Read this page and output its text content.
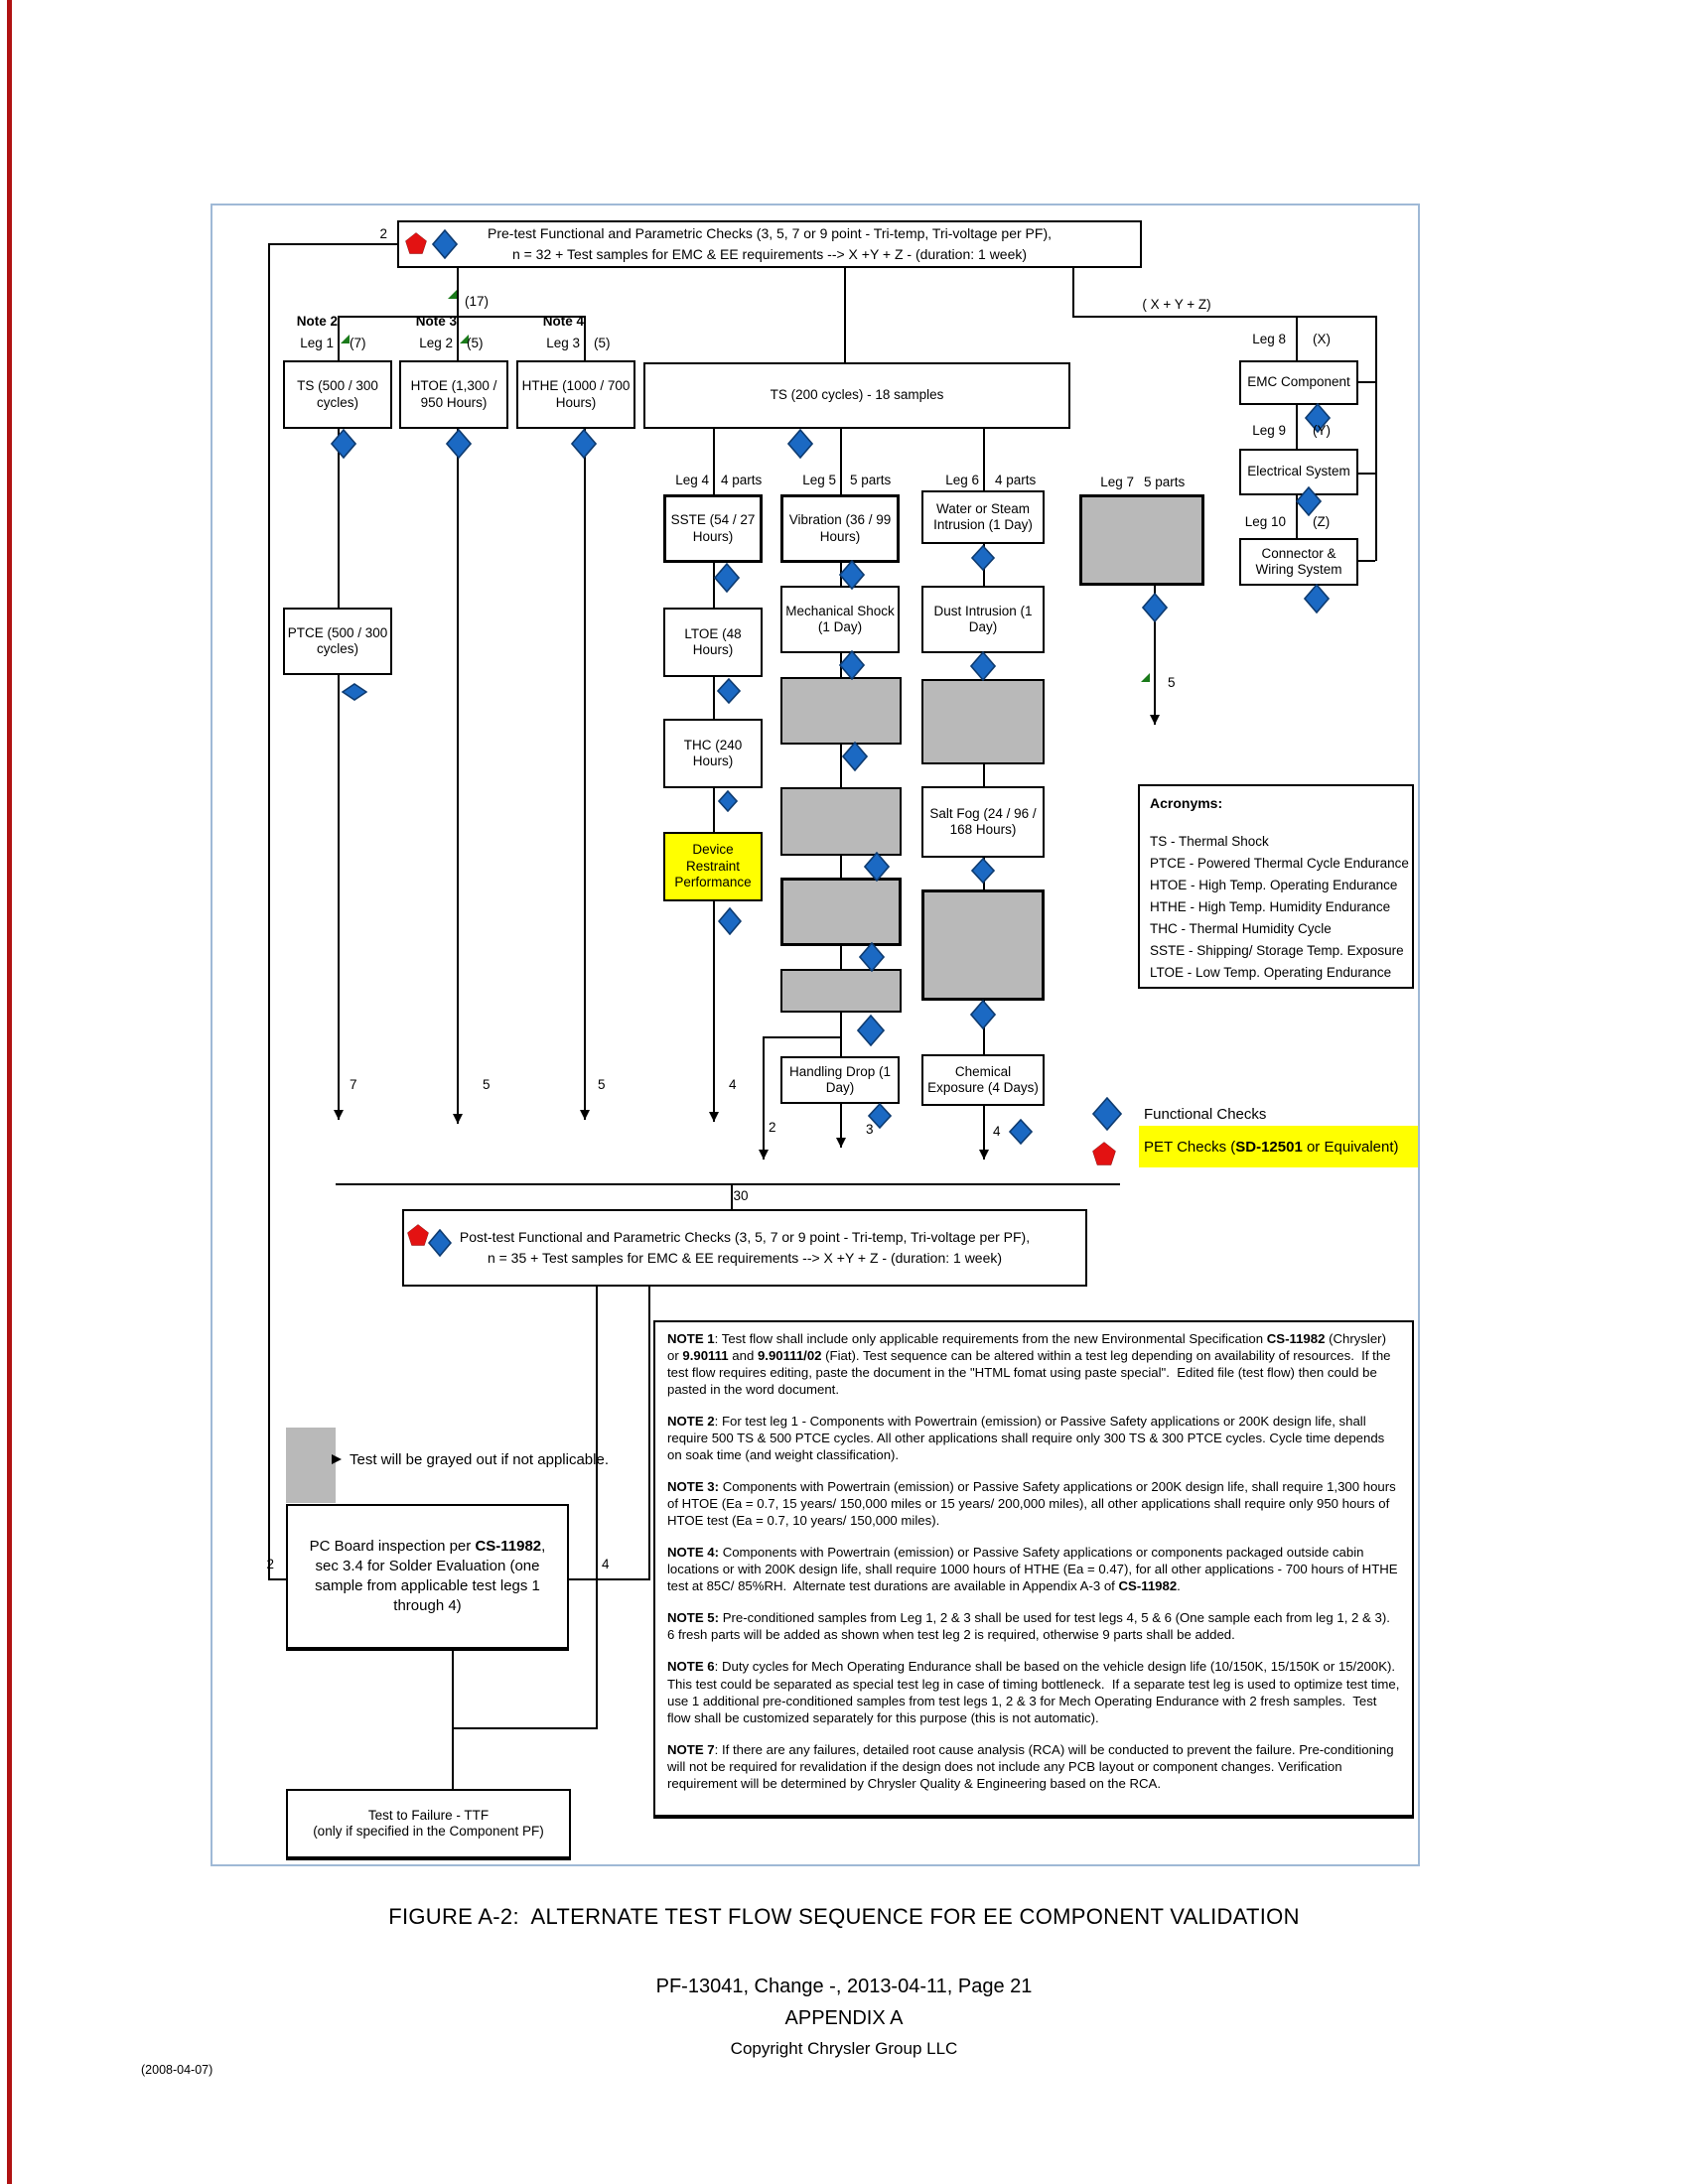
Pre-test Functional and Parametric Checks (3, 5, 7 or 9 point - Tri-temp, Tri-voltage per PF),
n = 32 + Test samples for EMC & EE requirements --> X +Y + Z - (duration: 1 week)
TS (500 / 300 cycles)
HTOE (1,300 / 950 Hours)
HTHE (1000 / 700 Hours)	TS (200 cycles) - 18 samples
PTCE (500 / 300 cycles)
SSTE (54 / 27 Hours)
LTOE (48 Hours)
THC (240 Hours)
Device Restraint Performance
Vibration (36 / 99 Hours)
Mechanical Shock (1 Day)
Handling Drop (1 Day)
Water or Steam Intrusion (1 Day)
Dust Intrusion (1 Day)
Salt Fog (24 / 96 / 168 Hours)
Chemical Exposure (4 Days)
EMC Component
Electrical System
Connector & Wiring System
Post-test Functional and Parametric Checks (3, 5, 7 or 9 point - Tri-temp, Tri-voltage per PF),
n = 35 + Test samples for EMC & EE requirements --> X +Y + Z - (duration: 1 week)
PC Board inspection per CS-11982, sec 3.4 for Solder Evaluation (one sample from applicable test legs 1 through 4)
Test to Failure - TTF
(only if specified in the Component PF)
Acronyms:
TS - Thermal Shock
PTCE - Powered Thermal Cycle Endurance
HTOE - High Temp. Operating Endurance
HTHE - High Temp. Humidity Endurance
THC - Thermal Humidity Cycle
SSTE - Shipping/ Storage Temp. Exposure
LTOE - Low Temp. Operating Endurance
Functional Checks
PET Checks (SD-12501 or Equivalent)

NOTE 1: Test flow shall include only applicable requirements from the new Environmental Specification CS-11982 (Chrysler) or 9.90111 and 9.90111/02 (Fiat). Test sequence can be altered within a test leg depending on availability of resources.  If the test flow requires editing, paste the document in the "HTML fomat using paste special".  Edited file (test flow) then could be pasted in the word document.

NOTE 2: For test leg 1 - Components with Powertrain (emission) or Passive Safety applications or 200K design life, shall require 500 TS & 500 PTCE cycles. All other applications shall require only 300 TS & 300 PTCE cycles. Cycle time depends on soak time (and weight classification).

NOTE 3: Components with Powertrain (emission) or Passive Safety applications or 200K design life, shall require 1,300 hours of HTOE (Ea = 0.7, 15 years/ 150,000 miles or 15 years/ 200,000 miles), all other applications shall require only 950 hours of HTOE test (Ea = 0.7, 10 years/ 150,000 miles).

NOTE 4: Components with Powertrain (emission) or Passive Safety applications or components packaged outside cabin locations or with 200K design life, shall require 1000 hours of HTHE (Ea = 0.47), for all other applications - 700 hours of HTHE test at 85C/ 85%RH.  Alternate test durations are available in Appendix A-3 of CS-11982.

NOTE 5: Pre-conditioned samples from Leg 1, 2 & 3 shall be used for test legs 4, 5 & 6 (One sample each from leg 1, 2 & 3).  6 fresh parts will be added as shown when test leg 2 is required, otherwise 9 parts shall be added.

NOTE 6: Duty cycles for Mech Operating Endurance shall be based on the vehicle design life (10/150K, 15/150K or 15/200K).  This test could be separated as special test leg in case of timing bottleneck.  If a separate test leg is used to optimize test time, use 1 additional pre-conditioned samples from test legs 1, 2 & 3 for Mech Operating Endurance with 2 fresh samples.  Test flow shall be customized separately for this purpose (this is not automatic).

NOTE 7: If there are any failures, detailed root cause analysis (RCA) will be conducted to prevent the failure. Pre-conditioning will not be required for revalidation if the design does not include any PCB layout or component changes. Verification requirement will be determined by Chrysler Quality & Engineering based on the RCA.

Test will be grayed out if not applicable.
2
(17)	( X + Y + Z)
Note 2	Note 3	Note 4
Leg 1 (7)	Leg 2 (5)	Leg 3 (5)
Leg 4 4 parts	Leg 5 5 parts	Leg 6 4 parts	Leg 7 5 parts
Leg 8 (X)
Leg 9 (Y)
Leg 10 (Z)
7	5	5	4
2	3	4
5
30
2	4
FIGURE A-2:  ALTERNATE TEST FLOW SEQUENCE FOR EE COMPONENT VALIDATION
PF-13041, Change -, 2013-04-11, Page 21
APPENDIX A
Copyright Chrysler Group LLC
(2008-04-07)
